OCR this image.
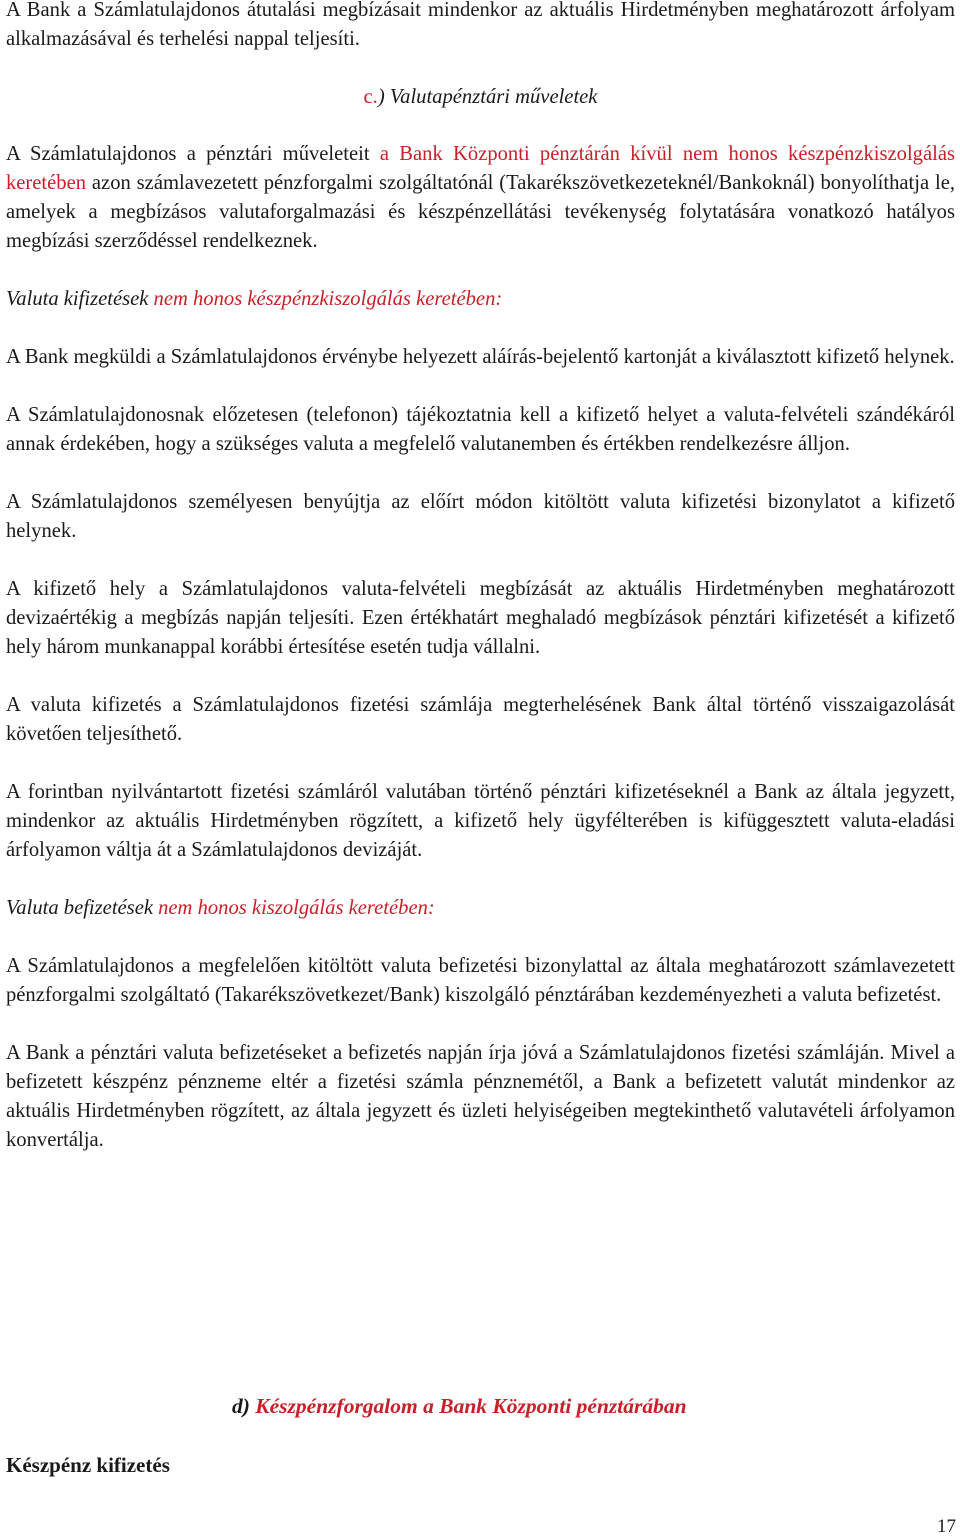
A Bank a Számlatulajdonos átutalási megbízásait mindenkor az aktuális Hirdetményben meghatározott árfolyam alkalmazásával és terhelési nappal teljesíti.

c.) Valutapénztári műveletek

A Számlatulajdonos a pénztári műveleteit a Bank Központi pénztárán kívül nem honos készpénzkiszolgálás keretében azon számlavezetett pénzforgalmi szolgáltatónál (Takarékszövetkezeteknél/Bankoknál) bonyolíthatja le, amelyek a megbízásos valutaforgalmazási és készpénzellátási tevékenység folytatására vonatkozó hatályos megbízási szerződéssel rendelkeznek.

Valuta kifizetések nem honos készpénzkiszolgálás keretében:

A Bank megküldi a Számlatulajdonos érvénybe helyezett aláírás-bejelentő kartonját a kiválasztott kifizető helynek.

A Számlatulajdonosnak előzetesen (telefonon) tájékoztatnia kell a kifizető helyet a valuta-felvételi szándékáról annak érdekében, hogy a szükséges valuta a megfelelő valutanemben és értékben rendelkezésre álljon.

A Számlatulajdonos személyesen benyújtja az előírt módon kitöltött valuta kifizetési bizonylatot a kifizető helynek.

A kifizető hely a Számlatulajdonos valuta-felvételi megbízását az aktuális Hirdetményben meghatározott devizaértékig a megbízás napján teljesíti. Ezen értékhatárt meghaladó megbízások pénztári kifizetését a kifizető hely három munkanappal korábbi értesítése esetén tudja vállalni.

A valuta kifizetés a Számlatulajdonos fizetési számlája megterhelésének Bank által történő visszaigazolását követően teljesíthető.

A forintban nyilvántartott fizetési számláról valutában történő pénztári kifizetéseknél a Bank az általa jegyzett, mindenkor az aktuális Hirdetményben rögzített, a kifizető hely ügyfélterében is kifüggesztett valuta-eladási árfolyamon váltja át a Számlatulajdonos devizáját.

Valuta befizetések nem honos kiszolgálás keretében:

A Számlatulajdonos a megfelelően kitöltött valuta befizetési bizonylattal az általa meghatározott számlavezetett pénzforgalmi szolgáltató (Takarékszövetkezet/Bank) kiszolgáló pénztárában kezdeményezheti a valuta befizetést.

A Bank a pénztári valuta befizetéseket a befizetés napján írja jóvá a Számlatulajdonos fizetési számláján. Mivel a befizetett készpénz pénzneme eltér a fizetési számla pénznemétől, a Bank a befizetett valutát mindenkor az aktuális Hirdetményben rögzített, az általa jegyzett és üzleti helyiségeiben megtekinthető valutavételi árfolyamon konvertálja.

d) Készpénzforgalom a Bank Központi pénztárában
Készpénz kifizetés
17
